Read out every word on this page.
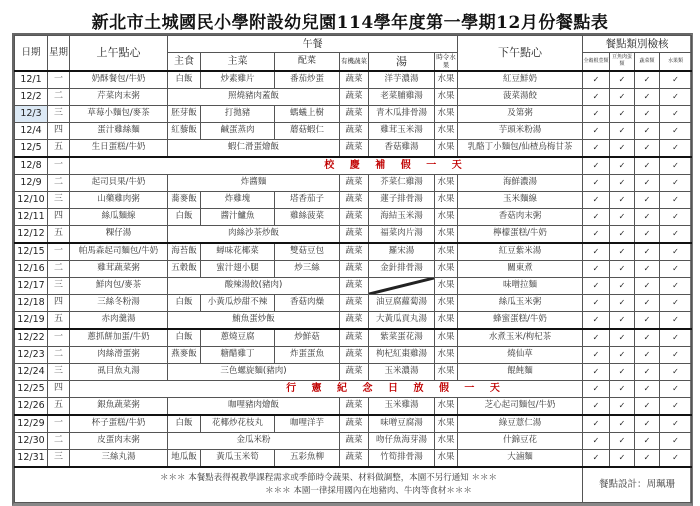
新北市土城國民小學附設幼兒園114學年度第一學期12月份餐點表
日期	星期	上午點心	午餐						下午點心	餐點類別檢核			
			主食	主菜	配菜	有機蔬菜	湯	時令水果		全穀根莖類	豆魚肉蛋類	蔬菜類	水果類
12/1	一	奶酥餐包/牛奶	白飯	炒素雞片	番茄炒蛋	蔬菜	洋芋濃湯	水果	紅豆鮮奶	✓	✓	✓	✓
12/2	二	芹菜肉末粥	照燒豬肉蓋飯			蔬菜	老菜脯雞湯	水果	菠菜湯餃	✓	✓	✓	✓
12/3	三	草莓小麵包/麥茶	胚芽飯	打拋豬	螞蟻上樹	蔬菜	青木瓜排骨湯	水果	及第粥	✓	✓	✓	✓
12/4	四	蛋汁雞絲麵	紅藜飯	鹹蛋蒸肉	蘑菇蝦仁	蔬菜	雞茸玉米湯	水果	芋頭米粉湯	✓	✓	✓	✓
12/5	五	生日蛋糕/牛奶	蝦仁滑蛋燴飯			蔬菜	香菇雞湯	水果	乳酪丁小麵包/仙楂烏梅甘茶	✓	✓	✓	✓
12/8	一	校 慶 補 假 一 天								✓	✓	✓	✓
12/9	二	起司貝果/牛奶	炸醬麵			蔬菜	芥菜仁雞湯	水果	海鮮濃湯	✓	✓	✓	✓
12/10	三	山藥雞肉粥	蕎麥飯	炸雞塊	塔香茄子	蔬菜	蓮子排骨湯	水果	玉米麵線	✓	✓	✓	✓
12/11	四	絲瓜麵線	白飯	醬汁鱸魚	雞絲菠菜	蔬菜	海結玉米湯	水果	香菇肉末粥	✓	✓	✓	✓
12/12	五	粿仔湯	肉絲沙茶炒飯			蔬菜	福菜肉片湯	水果	檸檬蛋糕/牛奶	✓	✓	✓	✓
12/15	一	帕馬森起司麵包/牛奶	海苔飯	蟳味花椰菜	雙菇豆包	蔬菜	羅宋湯	水果	紅豆紫米湯	✓	✓	✓	✓
12/16	二	雞茸蔬菜粥	五穀飯	蜜汁翅小腿	炒三絲	蔬菜	金針排骨湯	水果	關東煮	✓	✓	✓	✓
12/17	三	鮮肉包/麥茶	酸辣湯餃(豬肉)			蔬菜		水果	味噌拉麵	✓	✓	✓	✓
12/18	四	三絲冬粉湯	白飯	小黃瓜炒甜不辣	香菇肉燥	蔬菜	油豆腐蘿蔔湯	水果	絲瓜玉米粥	✓	✓	✓	✓
12/19	五	赤肉羹湯	鮪魚蛋炒飯			蔬菜	大黃瓜貢丸湯	水果	蜂蜜蛋糕/牛奶	✓	✓	✓	✓
12/22	一	蔥抓餅加蛋/牛奶	白飯	蔥燒豆腐	炒鮮菇	蔬菜	紫菜蛋花湯	水果	水煮玉米/枸杞茶	✓	✓	✓	✓
12/23	二	肉絲滑蛋粥	燕麥飯	糖醋雞丁	炸蛋蛋魚	蔬菜	枸杞紅棗雞湯	水果	燒仙草	✓	✓	✓	✓
12/24	三	虱目魚丸湯	三色螺旋麵(豬肉)			蔬菜	玉米濃湯	水果	餛飩麵	✓	✓	✓	✓
12/25	四	行 憲 紀 念 日 放 假 一 天								✓	✓	✓	✓
12/26	五	銀魚蔬菜粥	咖哩豬肉燴飯			蔬菜	玉米雞湯	水果	芝心起司麵包/牛奶	✓	✓	✓	✓
12/29	一	杯子蛋糕/牛奶	白飯	花椰炒花枝丸	咖哩洋芋	蔬菜	味噌豆腐湯	水果	綠豆薏仁湯	✓	✓	✓	✓
12/30	二	皮蛋肉末粥	金瓜米粉			蔬菜	吻仔魚海芽湯	水果	什錦豆花	✓	✓	✓	✓
12/31	三	三絲丸湯	地瓜飯	黃瓜玉米筍	五彩魚柳	蔬菜	竹筍排骨湯	水果	大滷麵	✓	✓	✓	✓

＊＊＊ 本餐點表得視教學課程需求或季節時令蔬果、材料做調整，本園不另行通知 ＊＊＊
＊＊＊ 本園一律採用國內在地豬肉、牛肉等食材＊＊＊										餐點設計：周珮珊			
